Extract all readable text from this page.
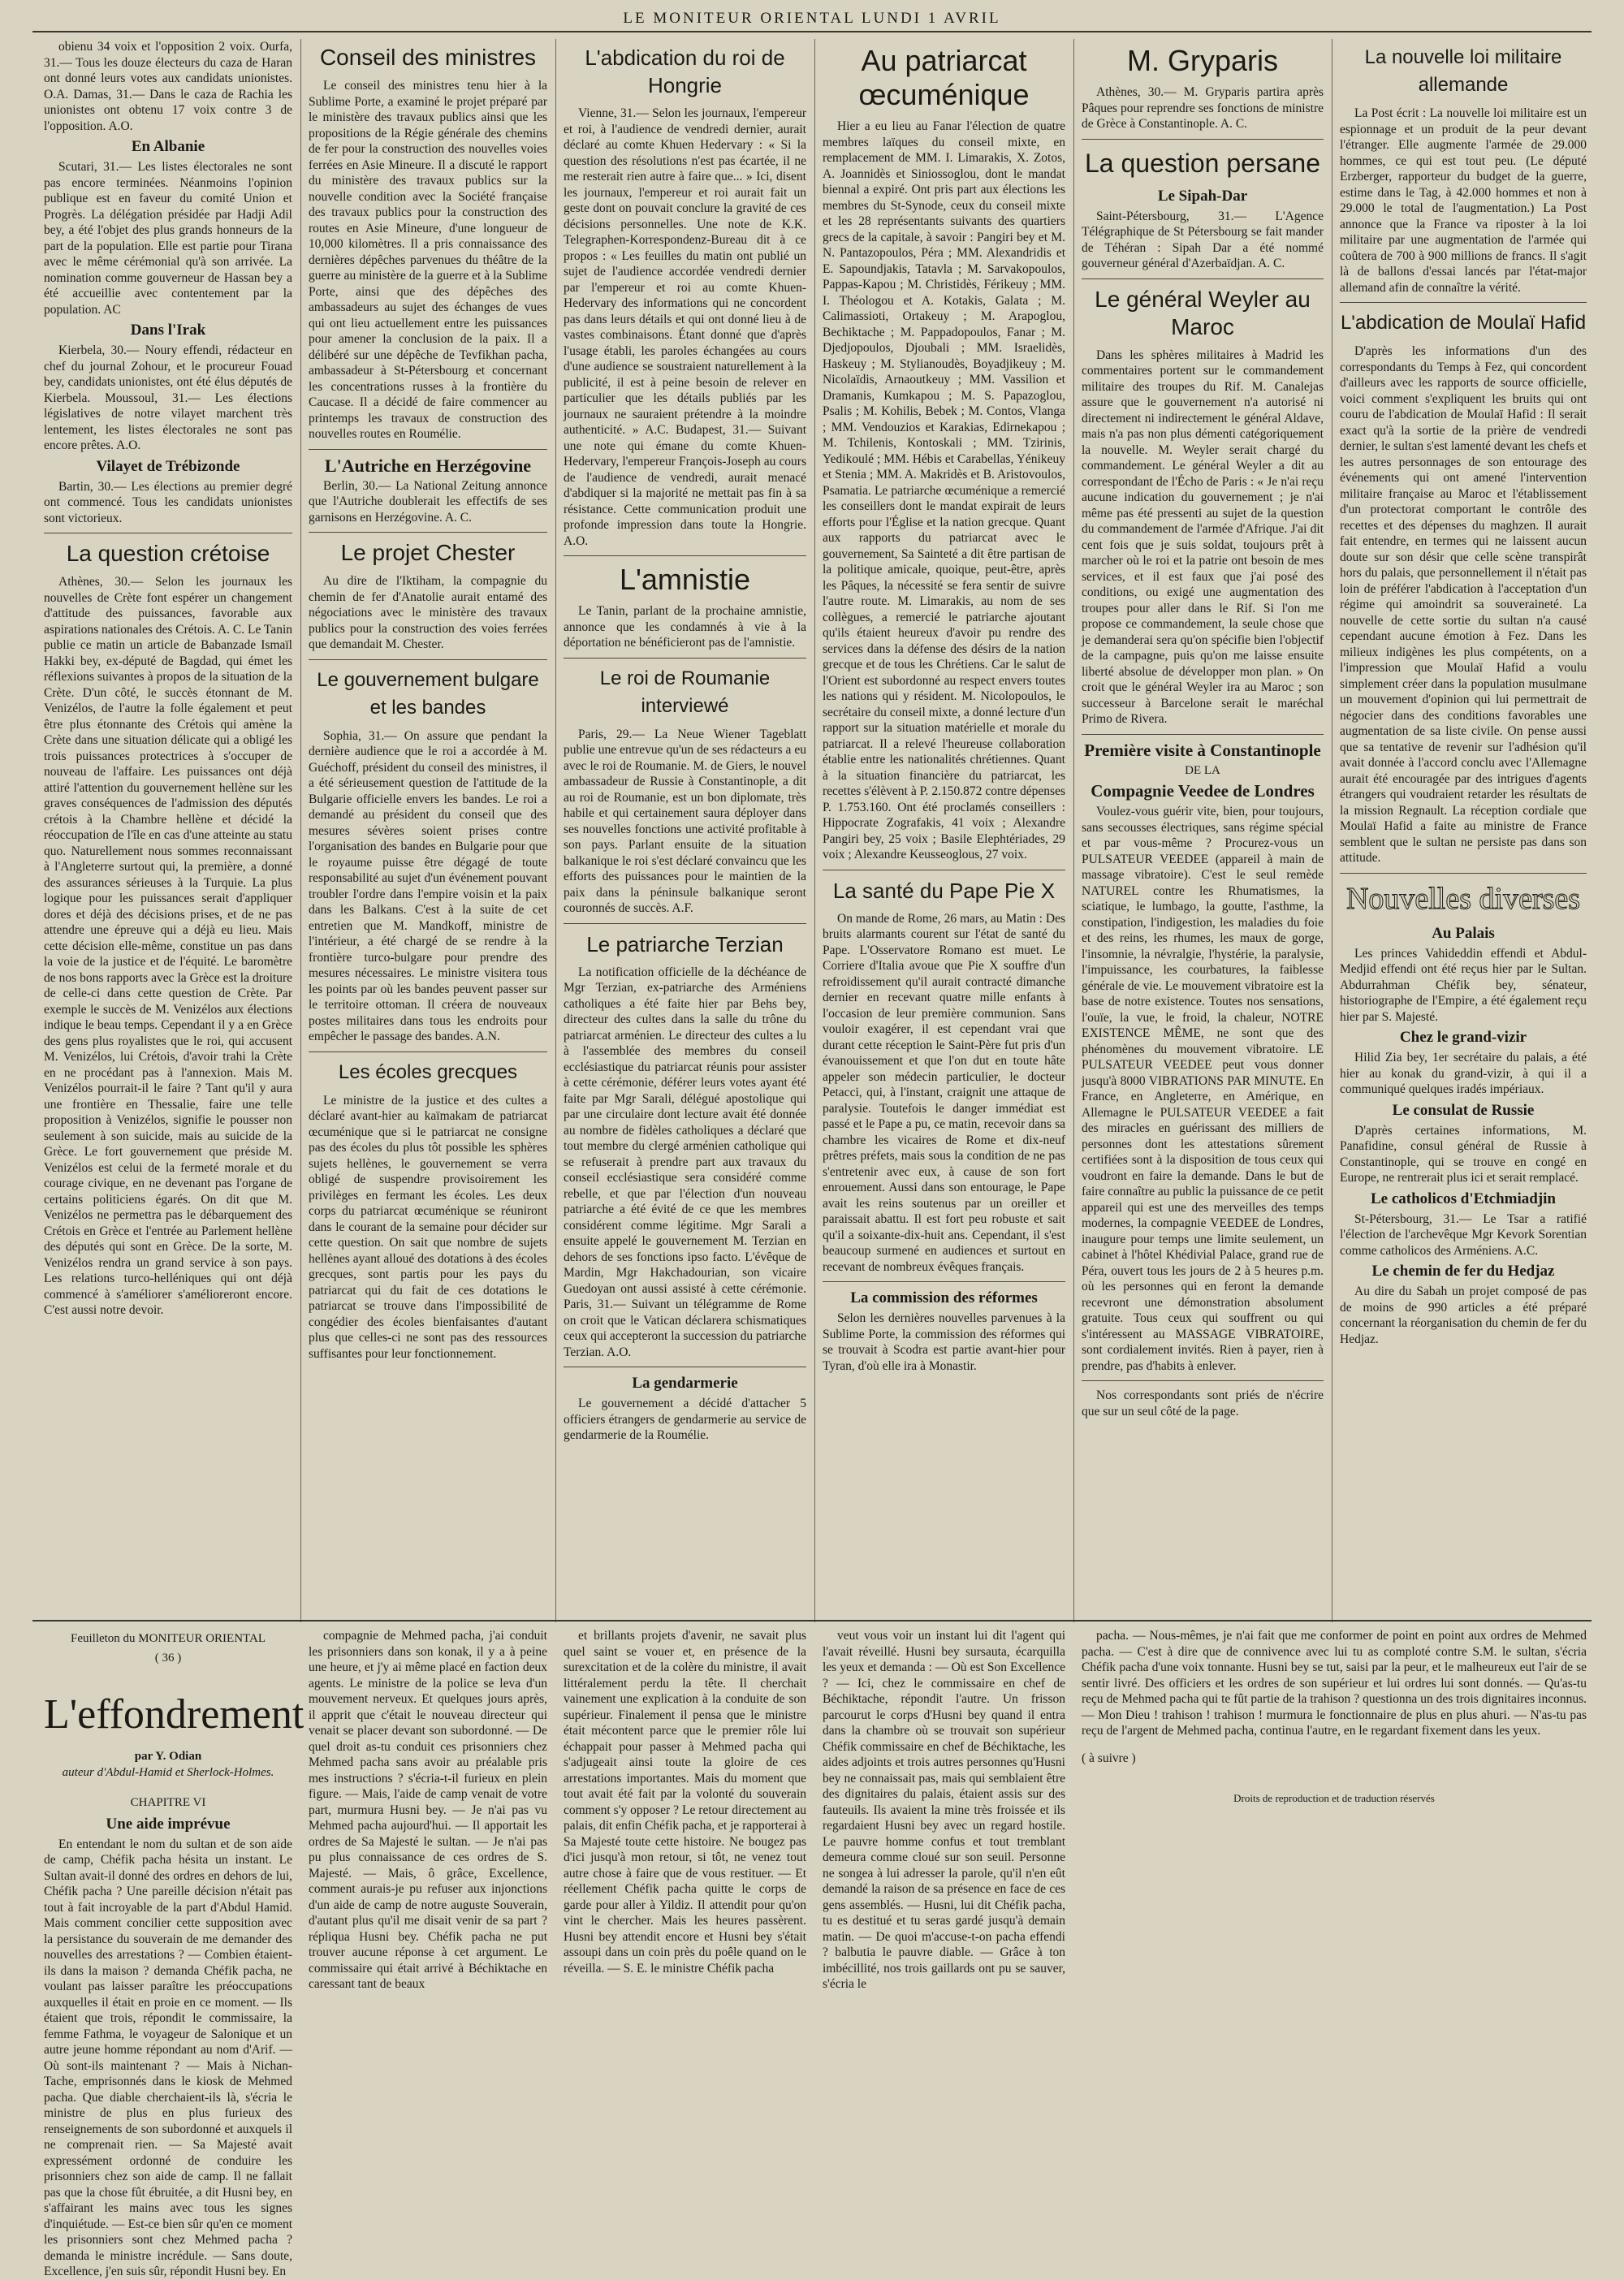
LE MONITEUR ORIENTAL LUNDI 1 AVRIL

obienu 34 voix et l'opposition 2 voix. Ourfa, 31.— Tous les douze électeurs du caza de Haran ont donné leurs votes aux candidats unionistes. O.A. Damas, 31.— Dans le caza de Rachia les unionistes ont obtenu 17 voix contre 3 de l'opposition. A.O.

En Albanie

Scutari, 31.— Les listes électorales ne sont pas encore terminées. Néanmoins l'opinion publique est en faveur du comité Union et Progrès. La délégation présidée par Hadji Adil bey, a été l'objet des plus grands honneurs de la part de la population. Elle est partie pour Tirana avec le même cérémonial qu'à son arrivée. La nomination comme gouverneur de Hassan bey a été accueillie avec contentement par la population. AC

Dans l'Irak

Kierbela, 30.— Noury effendi, rédacteur en chef du journal Zohour, et le procureur Fouad bey, candidats unionistes, ont été élus députés de Kierbela. Moussoul, 31.— Les élections législatives de notre vilayet marchent très lentement, les listes électorales ne sont pas encore prêtes. A.O.

Vilayet de Trébizonde

Bartin, 30.— Les élections au premier degré ont commencé. Tous les candidats unionistes sont victorieux.

La question crétoise

Athènes, 30.— Selon les journaux les nouvelles de Crète font espérer un changement d'attitude des puissances, favorable aux aspirations nationales des Crétois. A. C. Le Tanin publie ce matin un article de Babanzade Ismaïl Hakki bey, ex-député de Bagdad, qui émet les réflexions suivantes à propos de la situation de la Crète. D'un côté, le succès étonnant de M. Venizélos, de l'autre la folle également et peut être plus étonnante des Crétois qui amène la Crète dans une situation délicate qui a obligé les trois puissances protectrices à s'occuper de nouveau de l'affaire. Les puissances ont déjà attiré l'attention du gouvernement hellène sur les graves conséquences de l'admission des députés crétois à la Chambre hellène et décidé la réoccupation de l'île en cas d'une atteinte au statu quo. Naturellement nous sommes reconnaissant à l'Angleterre surtout qui, la première, a donné des assurances sérieuses à la Turquie. La plus logique pour les puissances serait d'appliquer dores et déjà des décisions prises, et de ne pas attendre une épreuve qui a déjà eu lieu. Mais cette décision elle-même, constitue un pas dans la voie de la justice et de l'équité. Le baromètre de nos bons rapports avec la Grèce est la droiture de celle-ci dans cette question de Crète. Par exemple le succès de M. Venizélos aux élections indique le beau temps. Cependant il y a en Grèce des gens plus royalistes que le roi, qui accusent M. Venizélos, lui Crétois, d'avoir trahi la Crète en ne procédant pas à l'annexion. Mais M. Venizélos pourrait-il le faire ? Tant qu'il y aura une frontière en Thessalie, faire une telle proposition à Venizélos, signifie le pousser non seulement à son suicide, mais au suicide de la Grèce. Le fort gouvernement que préside M. Venizélos est celui de la fermeté morale et du courage civique, en ne devenant pas l'organe de certains politiciens égarés. On dit que M. Venizélos ne permettra pas le débarquement des Crétois en Grèce et l'entrée au Parlement hellène des députés qui sont en Grèce. De la sorte, M. Venizélos rendra un grand service à son pays. Les relations turco-helléniques qui ont déjà commencé à s'améliorer s'amélioreront encore. C'est aussi notre devoir.

Conseil des ministres

Le conseil des ministres tenu hier à la Sublime Porte, a examiné le projet préparé par le ministère des travaux publics ainsi que les propositions de la Régie générale des chemins de fer pour la construction des nouvelles voies ferrées en Asie Mineure. Il a discuté le rapport du ministère des travaux publics sur la nouvelle condition avec la Société française des travaux publics pour la construction des routes en Asie Mineure, d'une longueur de 10,000 kilomètres. Il a pris connaissance des dernières dépêches parvenues du théâtre de la guerre au ministère de la guerre et à la Sublime Porte, ainsi que des dépêches des ambassadeurs au sujet des échanges de vues qui ont lieu actuellement entre les puissances pour amener la conclusion de la paix. Il a délibéré sur une dépêche de Tevfikhan pacha, ambassadeur à St-Pétersbourg et concernant les concentrations russes à la frontière du Caucase. Il a décidé de faire commencer au printemps les travaux de construction des nouvelles routes en Roumélie.

L'Autriche en Herzégovine

Berlin, 30.— La National Zeitung annonce que l'Autriche doublerait les effectifs de ses garnisons en Herzégovine. A. C.

Le projet Chester

Au dire de l'Iktiham, la compagnie du chemin de fer d'Anatolie aurait entamé des négociations avec le ministère des travaux publics pour la construction des voies ferrées que demandait M. Chester.

Le gouvernement bulgare et les bandes

Sophia, 31.— On assure que pendant la dernière audience que le roi a accordée à M. Guéchoff, président du conseil des ministres, il a été sérieusement question de l'attitude de la Bulgarie officielle envers les bandes. Le roi a demandé au président du conseil que des mesures sévères soient prises contre l'organisation des bandes en Bulgarie pour que le royaume puisse être dégagé de toute responsabilité au sujet d'un événement pouvant troubler l'ordre dans l'empire voisin et la paix dans les Balkans. C'est à la suite de cet entretien que M. Mandkoff, ministre de l'intérieur, a été chargé de se rendre à la frontière turco-bulgare pour prendre des mesures nécessaires. Le ministre visitera tous les points par où les bandes peuvent passer sur le territoire ottoman. Il créera de nouveaux postes militaires dans tous les endroits pour empêcher le passage des bandes. A.N.

Les écoles grecques

Le ministre de la justice et des cultes a déclaré avant-hier au kaïmakam de patriarcat œcuménique que si le patriarcat ne consigne pas des écoles du plus tôt possible les sphères sujets hellènes, le gouvernement se verra obligé de suspendre provisoirement les privilèges en fermant les écoles. Les deux corps du patriarcat œcuménique se réuniront dans le courant de la semaine pour décider sur cette question. On sait que nombre de sujets hellènes ayant alloué des dotations à des écoles grecques, sont partis pour les pays du patriarcat qui du fait de ces dotations le patriarcat se trouve dans l'impossibilité de congédier des écoles bienfaisantes d'autant plus que celles-ci ne sont pas des ressources suffisantes pour leur fonctionnement.

L'abdication du roi de Hongrie

Vienne, 31.— Selon les journaux, l'empereur et roi, à l'audience de vendredi dernier, aurait déclaré au comte Khuen Hedervary : « Si la question des résolutions n'est pas écartée, il ne me resterait rien autre à faire que... » Ici, disent les journaux, l'empereur et roi aurait fait un geste dont on pouvait conclure la gravité de ces décisions personnelles. Une note de K.K. Telegraphen-Korrespondenz-Bureau dit à ce propos : « Les feuilles du matin ont publié un sujet de l'audience accordée vendredi dernier par l'empereur et roi au comte Khuen-Hedervary des informations qui ne concordent pas dans leurs détails et qui ont donné lieu à de vastes combinaisons. Étant donné que d'après l'usage établi, les paroles échangées au cours d'une audience se soustraient naturellement à la publicité, il est à peine besoin de relever en particulier que les détails publiés par les journaux ne sauraient prétendre à la moindre authenticité. » A.C. Budapest, 31.— Suivant une note qui émane du comte Khuen-Hedervary, l'empereur François-Joseph au cours de l'audience de vendredi, aurait menacé d'abdiquer si la majorité ne mettait pas fin à sa résistance. Cette communication produit une profonde impression dans toute la Hongrie. A.O.

L'amnistie

Le Tanin, parlant de la prochaine amnistie, annonce que les condamnés à vie à la déportation ne bénéficieront pas de l'amnistie.

Le roi de Roumanie interviewé

Paris, 29.— La Neue Wiener Tageblatt publie une entrevue qu'un de ses rédacteurs a eu avec le roi de Roumanie. M. de Giers, le nouvel ambassadeur de Russie à Constantinople, a dit au roi de Roumanie, est un bon diplomate, très habile et qui certainement saura déployer dans ses nouvelles fonctions une activité profitable à son pays. Parlant ensuite de la situation balkanique le roi s'est déclaré convaincu que les efforts des puissances pour le maintien de la paix dans la péninsule balkanique seront couronnés de succès. A.F.

Le patriarche Terzian

La notification officielle de la déchéance de Mgr Terzian, ex-patriarche des Arméniens catholiques a été faite hier par Behs bey, directeur des cultes dans la salle du trône du patriarcat arménien. Le directeur des cultes a lu à l'assemblée des membres du conseil ecclésiastique du patriarcat réunis pour assister à cette cérémonie, déférer leurs votes ayant été faite par Mgr Sarali, délégué apostolique qui par une circulaire dont lecture avait été donnée au nombre de fidèles catholiques a déclaré que tout membre du clergé arménien catholique qui se refuserait à prendre part aux travaux du conseil ecclésiastique sera considéré comme rebelle, et que par l'élection d'un nouveau patriarche a été évité de ce que les membres considérent comme légitime. Mgr Sarali a ensuite appelé le gouvernement M. Terzian en dehors de ses fonctions ipso facto. L'évêque de Mardin, Mgr Hakchadourian, son vicaire Guedoyan ont aussi assisté à cette cérémonie. Paris, 31.— Suivant un télégramme de Rome on croit que le Vatican déclarera schismatiques ceux qui accepteront la succession du patriarche Terzian. A.O.

La gendarmerie

Le gouvernement a décidé d'attacher 5 officiers étrangers de gendarmerie au service de gendarmerie de la Roumélie.

Au patriarcat œcuménique

Hier a eu lieu au Fanar l'élection de quatre membres laïques du conseil mixte, en remplacement de MM. I. Limarakis, X. Zotos, A. Joannidès et Siniossoglou, dont le mandat biennal a expiré. Ont pris part aux élections les membres du St-Synode, ceux du conseil mixte et les 28 représentants suivants des quartiers grecs de la capitale, à savoir : Pangiri bey et M. N. Pantazopoulos, Péra ; MM. Alexandridis et E. Sapoundjakis, Tatavla ; M. Sarvakopoulos, Pappas-Kapou ; M. Christidès, Férikeuy ; MM. I. Théologou et A. Kotakis, Galata ; M. Calimassioti, Ortakeuy ; M. Arapoglou, Bechiktache ; M. Pappadopoulos, Fanar ; M. Djedjopoulos, Djoubali ; MM. Israelidès, Haskeuy ; M. Stylianoudès, Boyadjikeuy ; M. Nicolaïdis, Arnaoutkeuy ; MM. Vassilion et Dramanis, Kumkapou ; M. S. Papazoglou, Psalis ; M. Kohilis, Bebek ; M. Contos, Vlanga ; MM. Vendouzios et Karakias, Edirnekapou ; M. Tchilenis, Kontoskali ; MM. Tzirinis, Yedikoulé ; MM. Hébis et Carabellas, Yénikeuy et Stenia ; MM. A. Makridès et B. Aristovoulos, Psamatia. Le patriarche œcuménique a remercié les conseillers dont le mandat expirait de leurs efforts pour l'Église et la nation grecque. Quant aux rapports du patriarcat avec le gouvernement, Sa Sainteté a dit être partisan de la politique amicale, quoique, peut-être, après les Pâques, la nécessité se fera sentir de suivre l'autre route. M. Limarakis, au nom de ses collègues, a remercié le patriarche ajoutant qu'ils étaient heureux d'avoir pu rendre des services dans la défense des désirs de la nation grecque et de tous les Chrétiens. Car le salut de l'Orient est subordonné au respect envers toutes les nations qui y résident. M. Nicolopoulos, le secrétaire du conseil mixte, a donné lecture d'un rapport sur la situation matérielle et morale du patriarcat. Il a relevé l'heureuse collaboration établie entre les nationalités chrétiennes. Quant à la situation financière du patriarcat, les recettes s'élèvent à P. 2.150.872 contre dépenses P. 1.753.160. Ont été proclamés conseillers : Hippocrate Zografakis, 41 voix ; Alexandre Pangiri bey, 25 voix ; Basile Elephtériades, 29 voix ; Alexandre Keusseoglous, 27 voix.

La santé du Pape Pie X

On mande de Rome, 26 mars, au Matin : Des bruits alarmants courent sur l'état de santé du Pape. L'Osservatore Romano est muet. Le Corriere d'Italia avoue que Pie X souffre d'un refroidissement qu'il aurait contracté dimanche dernier en recevant quatre mille enfants à l'occasion de leur première communion. Sans vouloir exagérer, il est cependant vrai que durant cette réception le Saint-Père fut pris d'un évanouissement et que l'on dut en toute hâte appeler son médecin particulier, le docteur Petacci, qui, à l'instant, craignit une attaque de paralysie. Toutefois le danger immédiat est passé et le Pape a pu, ce matin, recevoir dans sa chambre les vicaires de Rome et dix-neuf prêtres préfets, mais sous la condition de ne pas s'entretenir avec eux, à cause de son fort enrouement. Aussi dans son entourage, le Pape avait les reins soutenus par un oreiller et paraissait abattu. Il est fort peu robuste et sait qu'il a soixante-dix-huit ans. Cependant, il s'est beaucoup surmené en audiences et surtout en recevant de nombreux évêques français.

La commission des réformes

Selon les dernières nouvelles parvenues à la Sublime Porte, la commission des réformes qui se trouvait à Scodra est partie avant-hier pour Tyran, d'où elle ira à Monastir.

M. Gryparis

Athènes, 30.— M. Gryparis partira après Pâques pour reprendre ses fonctions de ministre de Grèce à Constantinople. A. C.

La question persane
Le Sipah-Dar

Saint-Pétersbourg, 31.— L'Agence Télégraphique de St Pétersbourg se fait mander de Téhéran : Sipah Dar a été nommé gouverneur général d'Azerbaïdjan. A. C.

Le général Weyler au Maroc

Dans les sphères militaires à Madrid les commentaires portent sur le commandement militaire des troupes du Rif. M. Canalejas assure que le gouvernement n'a autorisé ni directement ni indirectement le général Aldave, mais n'a pas non plus démenti catégoriquement la nouvelle. M. Weyler serait chargé du commandement. Le général Weyler a dit au correspondant de l'Écho de Paris : « Je n'ai reçu aucune indication du gouvernement ; je n'ai même pas été pressenti au sujet de la question du commandement de l'armée d'Afrique. J'ai dit cent fois que je suis soldat, toujours prêt à marcher où le roi et la patrie ont besoin de mes services, et il est faux que j'ai posé des conditions, ou exigé une augmentation des troupes pour aller dans le Rif. Si l'on me propose ce commandement, la seule chose que je demanderai sera qu'on spécifie bien l'objectif de la campagne, puis qu'on me laisse ensuite liberté absolue de développer mon plan. » On croit que le général Weyler ira au Maroc ; son successeur à Barcelone serait le maréchal Primo de Rivera.

Première visite à Constantinople
DE LA
Compagnie Veedee de Londres

Voulez-vous guérir vite, bien, pour toujours, sans secousses électriques, sans régime spécial et par vous-même ? Procurez-vous un PULSATEUR VEEDEE (appareil à main de massage vibratoire). C'est le seul remède NATUREL contre les Rhumatismes, la sciatique, le lumbago, la goutte, l'asthme, la constipation, l'indigestion, les maladies du foie et des reins, les rhumes, les maux de gorge, l'insomnie, la névralgie, l'hystérie, la paralysie, l'impuissance, les courbatures, la faiblesse générale de vie. Le mouvement vibratoire est la base de notre existence. Toutes nos sensations, l'ouïe, la vue, le froid, la chaleur, NOTRE EXISTENCE MÊME, ne sont que des phénomènes du mouvement vibratoire. LE PULSATEUR VEEDEE peut vous donner jusqu'à 8000 VIBRATIONS PAR MINUTE. En France, en Angleterre, en Amérique, en Allemagne le PULSATEUR VEEDEE a fait des miracles en guérissant des milliers de personnes dont les attestations sûrement certifiées sont à la disposition de tous ceux qui voudront en faire la demande. Dans le but de faire connaître au public la puissance de ce petit appareil qui est une des merveilles des temps modernes, la compagnie VEEDEE de Londres, inaugure pour temps une limite seulement, un cabinet à l'hôtel Khédivial Palace, grand rue de Péra, ouvert tous les jours de 2 à 5 heures p.m. où les personnes qui en feront la demande recevront une démonstration absolument gratuite. Tous ceux qui souffrent ou qui s'intéressent au MASSAGE VIBRATOIRE, sont cordialement invités. Rien à payer, rien à prendre, pas d'habits à enlever.

Nos correspondants sont priés de n'écrire que sur un seul côté de la page.

La nouvelle loi militaire allemande

La Post écrit : La nouvelle loi militaire est un espionnage et un produit de la peur devant l'étranger. Elle augmente l'armée de 29.000 hommes, ce qui est tout peu. (Le député Erzberger, rapporteur du budget de la guerre, estime dans le Tag, à 42.000 hommes et non à 29.000 le total de l'augmentation.) La Post annonce que la France va riposter à la loi militaire par une augmentation de l'armée qui coûtera de 700 à 900 millions de francs. Il s'agit là de ballons d'essai lancés par l'état-major allemand afin de connaître la vérité.

L'abdication de Moulaï Hafid

D'après les informations d'un des correspondants du Temps à Fez, qui concordent d'ailleurs avec les rapports de source officielle, voici comment s'expliquent les bruits qui ont couru de l'abdication de Moulaï Hafid : Il serait exact qu'à la sortie de la prière de vendredi dernier, le sultan s'est lamenté devant les chefs et les autres personnages de son entourage des événements qui ont amené l'intervention militaire française au Maroc et l'établissement d'un protectorat comportant le contrôle des recettes et des dépenses du maghzen. Il aurait fait entendre, en termes qui ne laissent aucun doute sur son désir que celle scène transpirât hors du palais, que personnellement il n'était pas loin de préférer l'abdication à l'acceptation d'un régime qui amoindrit sa souveraineté. La nouvelle de cette sortie du sultan n'a causé cependant aucune émotion à Fez. Dans les milieux indigènes les plus compétents, on a l'impression que Moulaï Hafid a voulu simplement créer dans la population musulmane un mouvement d'opinion qui lui permettrait de négocier dans des conditions favorables une augmentation de sa liste civile. On pense aussi que sa tentative de revenir sur l'adhésion qu'il avait donnée à l'accord conclu avec l'Allemagne aurait été encouragée par des intrigues d'agents étrangers qui voudraient retarder les résultats de la mission Regnault. La réception cordiale que Moulaï Hafid a faite au ministre de France semblent que le sultan ne persiste pas dans son attitude.

Nouvelles diverses
Au Palais

Les princes Vahideddin effendi et Abdul-Medjid effendi ont été reçus hier par le Sultan. Abdurrahman Chéfik bey, sénateur, historiographe de l'Empire, a été également reçu hier par S. Majesté.

Chez le grand-vizir

Hilid Zia bey, 1er secrétaire du palais, a été hier au konak du grand-vizir, à qui il a communiqué quelques iradés impériaux.

Le consulat de Russie

D'après certaines informations, M. Panafidine, consul général de Russie à Constantinople, qui se trouve en congé en Europe, ne rentrerait plus ici et serait remplacé.

Le catholicos d'Etchmiadjin

St-Pétersbourg, 31.— Le Tsar a ratifié l'élection de l'archevêque Mgr Kevork Sorentian comme catholicos des Arméniens. A.C.

Le chemin de fer du Hedjaz

Au dire du Sabah un projet composé de pas de moins de 990 articles a été préparé concernant la réorganisation du chemin de fer du Hedjaz.

Feuilleton du MONITEUR ORIENTAL
( 36 )
L'effondrement
par Y. Odian
auteur d'Abdul-Hamid et Sherlock-Holmes.
CHAPITRE VI
Une aide imprévue

En entendant le nom du sultan et de son aide de camp, Chéfik pacha hésita un instant. Le Sultan avait-il donné des ordres en dehors de lui, Chéfik pacha ? Une pareille décision n'était pas tout à fait incroyable de la part d'Abdul Hamid. Mais comment concilier cette supposition avec la persistance du souverain de me demander des nouvelles des arrestations ? — Combien étaient-ils dans la maison ? demanda Chéfik pacha, ne voulant pas laisser paraître les préoccupations auxquelles il était en proie en ce moment. — Ils étaient que trois, répondit le commissaire, la femme Fathma, le voyageur de Salonique et un autre jeune homme répondant au nom d'Arif. — Où sont-ils maintenant ? — Mais à Nichan-Tache, emprisonnés dans le kiosk de Mehmed pacha. Que diable cherchaient-ils là, s'écria le ministre de plus en plus furieux des renseignements de son subordonné et auxquels il ne comprenait rien. — Sa Majesté avait expressément ordonné de conduire les prisonniers chez son aide de camp. Il ne fallait pas que la chose fût ébruitée, a dit Husni bey, en s'affairant les mains avec tous les signes d'inquiétude. — Est-ce bien sûr qu'en ce moment les prisonniers sont chez Mehmed pacha ? demanda le ministre incrédule. — Sans doute, Excellence, j'en suis sûr, répondit Husni bey. En

compagnie de Mehmed pacha, j'ai conduit les prisonniers dans son konak, il y a à peine une heure, et j'y ai même placé en faction deux agents. Le ministre de la police se leva d'un mouvement nerveux. Et quelques jours après, il apprit que c'était le nouveau directeur qui venait se placer devant son subordonné. — De quel droit as-tu conduit ces prisonniers chez Mehmed pacha sans avoir au préalable pris mes instructions ? s'écria-t-il furieux en plein figure. — Mais, l'aide de camp venait de votre part, murmura Husni bey. — Je n'ai pas vu Mehmed pacha aujourd'hui. — Il apportait les ordres de Sa Majesté le sultan. — Je n'ai pas pu plus connaissance de ces ordres de S. Majesté. — Mais, ô grâce, Excellence, comment aurais-je pu refuser aux injonctions d'un aide de camp de notre auguste Souverain, d'autant plus qu'il me disait venir de sa part ? répliqua Husni bey. Chéfik pacha ne put trouver aucune réponse à cet argument. Le commissaire qui était arrivé à Béchiktache en caressant tant de beaux

et brillants projets d'avenir, ne savait plus quel saint se vouer et, en présence de la surexcitation et de la colère du ministre, il avait littéralement perdu la tête. Il cherchait vainement une explication à la conduite de son supérieur. Finalement il pensa que le ministre était mécontent parce que le premier rôle lui échappait pour passer à Mehmed pacha qui s'adjugeait ainsi toute la gloire de ces arrestations importantes. Mais du moment que tout avait été fait par la volonté du souverain comment s'y opposer ? Le retour directement au palais, dit enfin Chéfik pacha, et je rapporterai à Sa Majesté toute cette histoire. Ne bougez pas d'ici jusqu'à mon retour, si tôt, ne venez tout autre chose à faire que de vous restituer. — Et réellement Chéfik pacha quitte le corps de garde pour aller à Yildiz. Il attendit pour qu'on vint le chercher. Mais les heures passèrent. Husni bey attendit encore et Husni bey s'était assoupi dans un coin près du poêle quand on le réveilla. — S. E. le ministre Chéfik pacha

veut vous voir un instant lui dit l'agent qui l'avait réveillé. Husni bey sursauta, écarquilla les yeux et demanda : — Où est Son Excellence ? — Ici, chez le commissaire en chef de Béchiktache, répondit l'autre. Un frisson parcourut le corps d'Husni bey quand il entra dans la chambre où se trouvait son supérieur Chéfik commissaire en chef de Béchiktache, les aides adjoints et trois autres personnes qu'Husni bey ne connaissait pas, mais qui semblaient être des dignitaires du palais, étaient assis sur des fauteuils. Ils avaient la mine très froissée et ils regardaient Husni bey avec un regard hostile. Le pauvre homme confus et tout tremblant demeura comme cloué sur son seuil. Personne ne songea à lui adresser la parole, qu'il n'en eût demandé la raison de sa présence en face de ces gens assemblés. — Husni, lui dit Chéfik pacha, tu es destitué et tu seras gardé jusqu'à demain matin. — De quoi m'accuse-t-on pacha effendi ? balbutia le pauvre diable. — Grâce à ton imbécillité, nos trois gaillards ont pu se sauver, s'écria le

pacha. — Nous-mêmes, je n'ai fait que me conformer de point en point aux ordres de Mehmed pacha. — C'est à dire que de connivence avec lui tu as comploté contre S.M. le sultan, s'écria Chéfik pacha d'une voix tonnante. Husni bey se tut, saisi par la peur, et le malheureux eut l'air de se sentir livré. Des officiers et les ordres de son supérieur et lui ordres lui sont donnés. — Qu'as-tu reçu de Mehmed pacha qui te fût partie de la trahison ? questionna un des trois dignitaires inconnus. — Mon Dieu ! trahison ! trahison ! murmura le fonctionnaire de plus en plus ahuri. — N'as-tu pas reçu de l'argent de Mehmed pacha, continua l'autre, en le regardant fixement dans les yeux.

( à suivre )
Droits de reproduction et de traduction réservés
